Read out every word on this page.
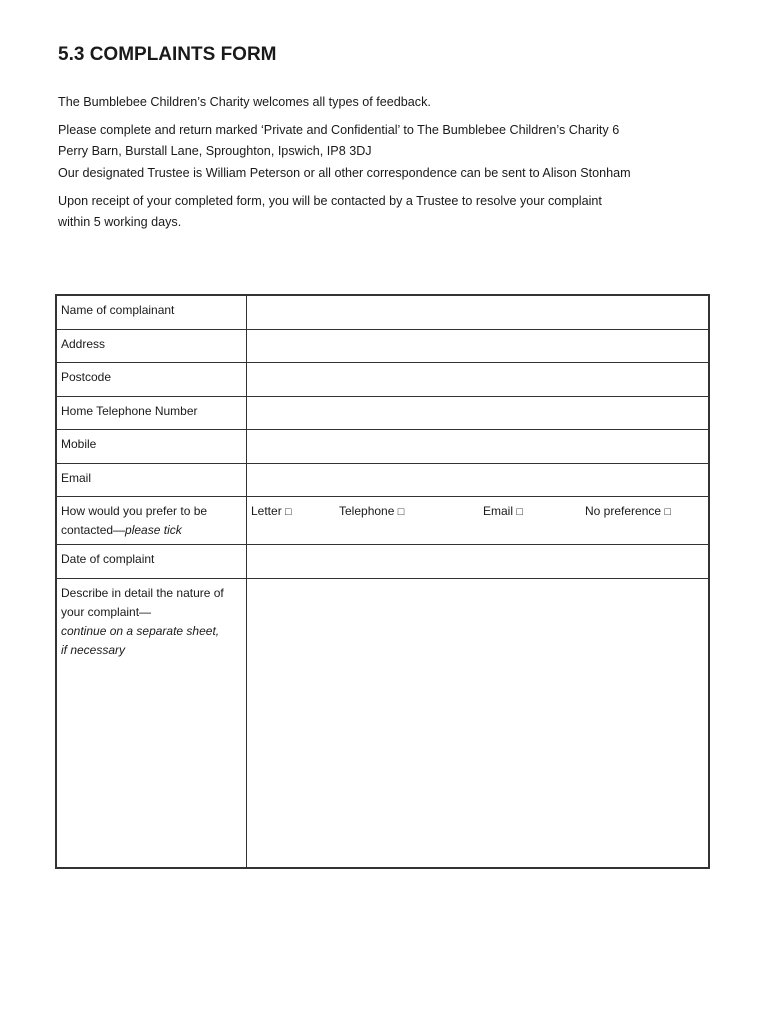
5.3 COMPLAINTS FORM

The Bumblebee Children’s Charity welcomes all types of feedback.

Please complete and return marked ‘Private and Confidential’ to The Bumblebee Children’s Charity 6
Perry Barn, Burstall Lane, Sproughton, Ipswich, IP8 3DJ

Our designated Trustee is William Peterson or all other correspondence can be sent to Alison Stonham

Upon receipt of your completed form, you will be contacted by a Trustee to resolve your complaint
within 5 working days.

Name of complainant	
Address	
Postcode	
Home Telephone Number	
Mobile	
Email	
How would you prefer to be
contacted—please tick	Letter □ Telephone □ Email □ No preference □

Date of complaint	
Describe in detail the nature of
your complaint—
continue on a separate sheet,
if necessary	
